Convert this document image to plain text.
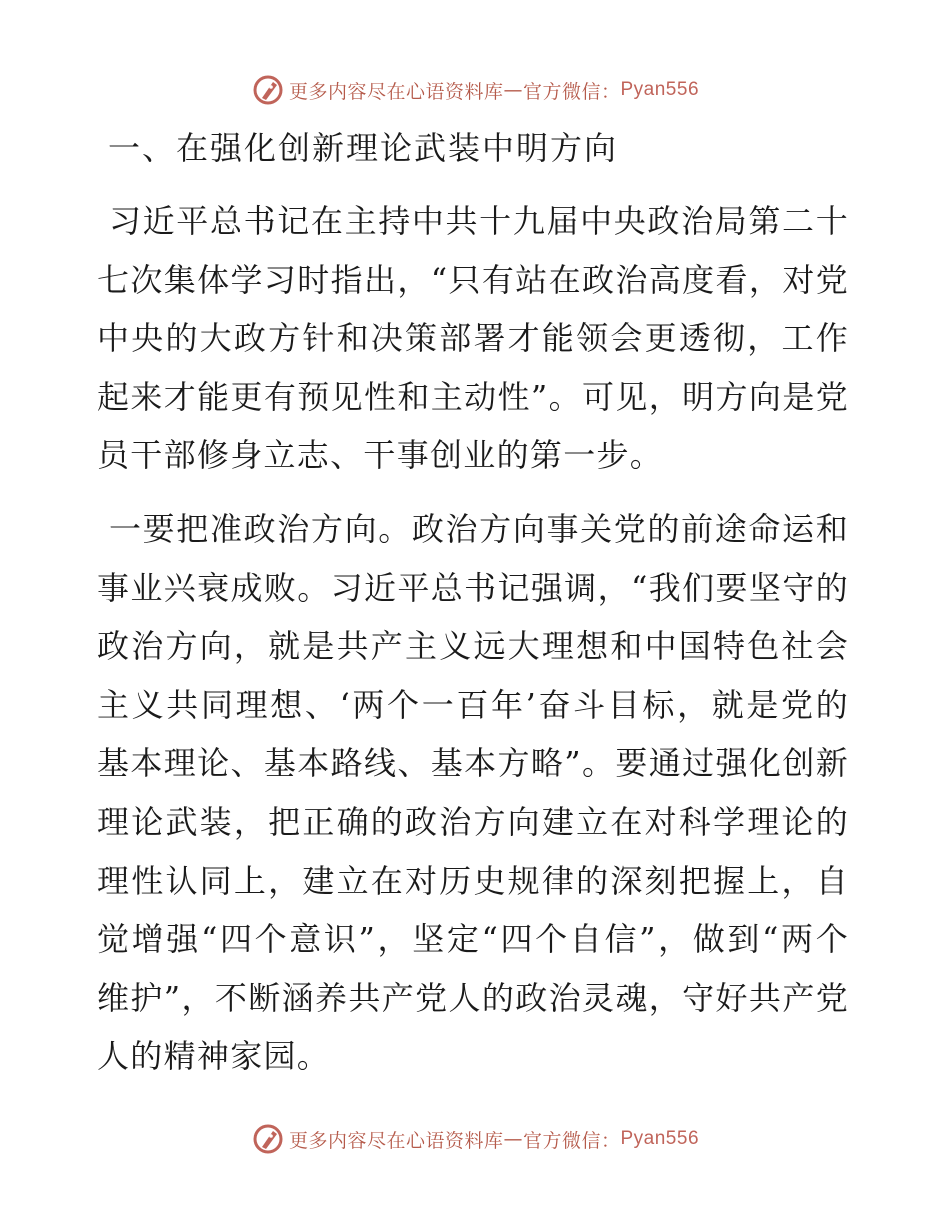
更多内容尽在心语资料库 — 官方微信： Pyan556
一、在强化创新理论武装中明方向

习近平总书记在主持中共十九届中央政治局第二十七次集体学习时指出，“只有站在政治高度看，对党中央的大政方针和决策部署才能领会更透彻，工作起来才能更有预见性和主动性”。可见，明方向是党员干部修身立志、干事创业的第一步。

一要把准政治方向。政治方向事关党的前途命运和事业兴衰成败。习近平总书记强调，“我们要坚守的政治方向，就是共产主义远大理想和中国特色社会主义共同理想、‘两个一百年’奋斗目标，就是党的基本理论、基本路线、基本方略”。要通过强化创新理论武装，把正确的政治方向建立在对科学理论的理性认同上，建立在对历史规律的深刻把握上，自觉增强“四个意识”，坚定“四个自信”，做到“两个维护”，不断涵养共产党人的政治灵魂，守好共产党人的精神家园。

更多内容尽在心语资料库 — 官方微信： Pyan556
